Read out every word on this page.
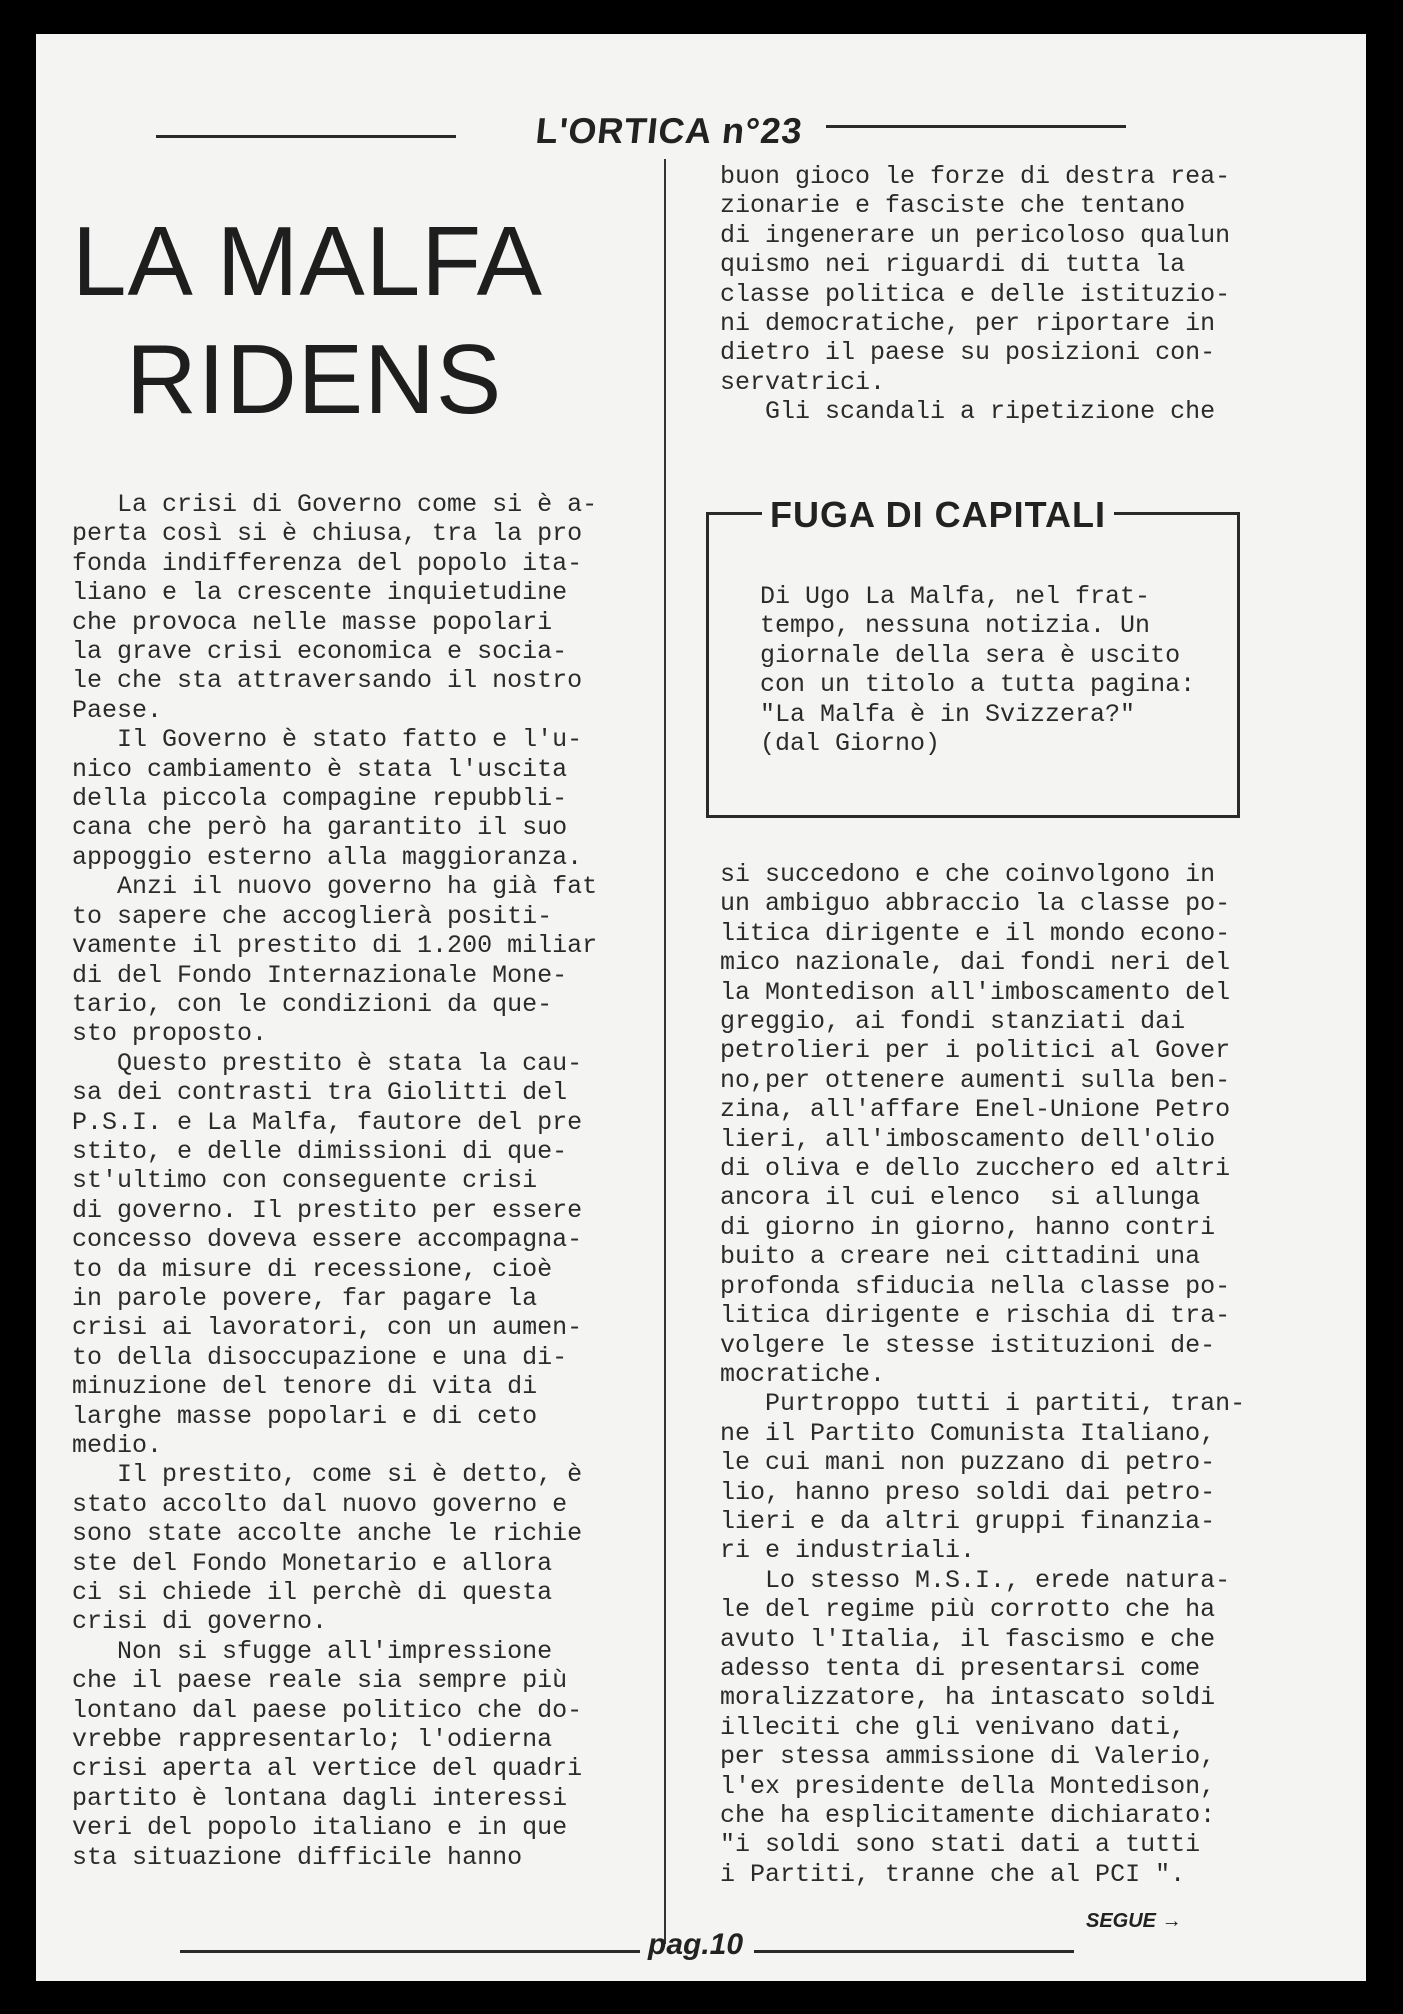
L'ORTICA n°23
LA MALFA
RIDENS
La crisi di Governo come si è a-
perta così si è chiusa, tra la pro
fonda indifferenza del popolo ita-
liano e la crescente inquietudine
che provoca nelle masse popolari
la grave crisi economica e socia-
le che sta attraversando il nostro
Paese.
Il Governo è stato fatto e l'u-
nico cambiamento è stata l'uscita
della piccola compagine repubbli-
cana che però ha garantito il suo
appoggio esterno alla maggioranza.
Anzi il nuovo governo ha già fat
to sapere che accoglierà positi-
vamente il prestito di 1.200 miliar
di del Fondo Internazionale Mone-
tario, con le condizioni da que-
sto proposto.
Questo prestito è stata la cau-
sa dei contrasti tra Giolitti del
P.S.I. e La Malfa, fautore del pre
stito, e delle dimissioni di que-
st'ultimo con conseguente crisi
di governo. Il prestito per essere
concesso doveva essere accompagna-
to da misure di recessione, cioè
in parole povere, far pagare la
crisi ai lavoratori, con un aumen-
to della disoccupazione e una di-
minuzione del tenore di vita di
larghe masse popolari e di ceto
medio.
Il prestito, come si è detto, è
stato accolto dal nuovo governo e
sono state accolte anche le richie
ste del Fondo Monetario e allora
ci si chiede il perchè di questa
crisi di governo.
Non si sfugge all'impressione
che il paese reale sia sempre più
lontano dal paese politico che do-
vrebbe rappresentarlo; l'odierna
crisi aperta al vertice del quadri
partito è lontana dagli interessi
veri del popolo italiano e in que
sta situazione difficile hanno
buon gioco le forze di destra rea-
zionarie e fasciste che tentano
di ingenerare un pericoloso qualun
quismo nei riguardi di tutta la
classe politica e delle istituzio-
ni democratiche, per riportare in
dietro il paese su posizioni con-
servatrici.
Gli scandali a ripetizione che
FUGA DI CAPITALI
Di Ugo La Malfa, nel frat-
tempo, nessuna notizia. Un
giornale della sera è uscito
con un titolo a tutta pagina:
"La Malfa è in Svizzera?"
(dal Giorno)
si succedono e che coinvolgono in
un ambiguo abbraccio la classe po-
litica dirigente e il mondo econo-
mico nazionale, dai fondi neri del
la Montedison all'imboscamento del
greggio, ai fondi stanziati dai
petrolieri per i politici al Gover
no,per ottenere aumenti sulla ben-
zina, all'affare Enel-Unione Petro
lieri, all'imboscamento dell'olio
di oliva e dello zucchero ed altri
ancora il cui elenco  si allunga
di giorno in giorno, hanno contri
buito a creare nei cittadini una
profonda sfiducia nella classe po-
litica dirigente e rischia di tra-
volgere le stesse istituzioni de-
mocratiche.
Purtroppo tutti i partiti, tran-
ne il Partito Comunista Italiano,
le cui mani non puzzano di petro-
lio, hanno preso soldi dai petro-
lieri e da altri gruppi finanzia-
ri e industriali.
Lo stesso M.S.I., erede natura-
le del regime più corrotto che ha
avuto l'Italia, il fascismo e che
adesso tenta di presentarsi come
moralizzatore, ha intascato soldi
illeciti che gli venivano dati,
per stessa ammissione di Valerio,
l'ex presidente della Montedison,
che ha esplicitamente dichiarato:
"i soldi sono stati dati a tutti
i Partiti, tranne che al PCI ".
pag.10
SEGUE →
